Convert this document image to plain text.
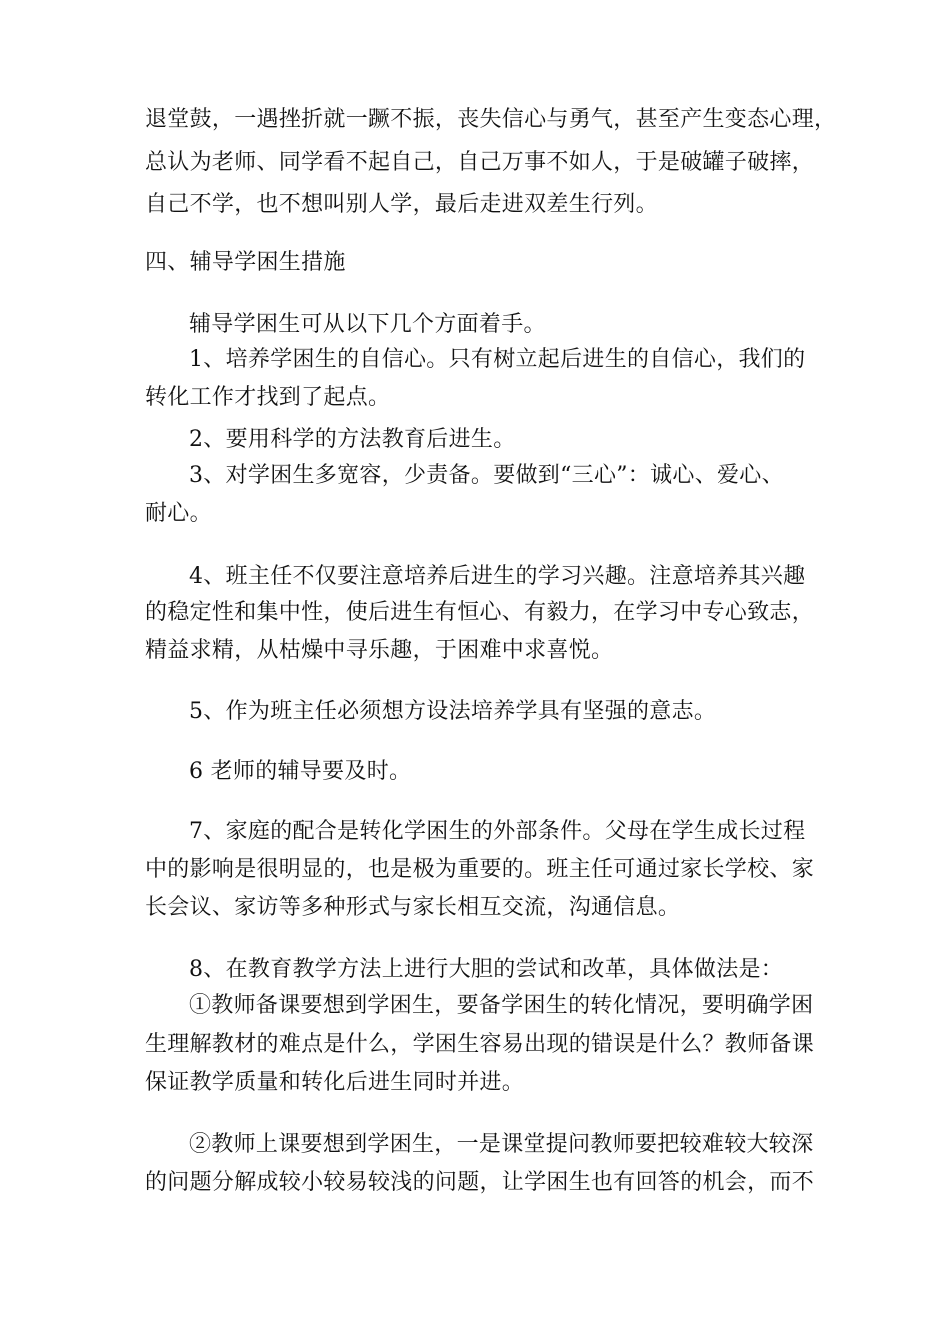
退堂鼓，一遇挫折就一蹶不振，丧失信心与勇气，甚至产生变态心理，
总认为老师、同学看不起自己，自己万事不如人，于是破罐子破摔，
自己不学，也不想叫别人学，最后走进双差生行列。
四、辅导学困生措施
辅导学困生可从以下几个方面着手。
1、培养学困生的自信心。只有树立起后进生的自信心，我们的
转化工作才找到了起点。
2、要用科学的方法教育后进生。
3、对学困生多宽容，少责备。要做到“三心”：诚心、爱心、
耐心。
4、班主任不仅要注意培养后进生的学习兴趣。注意培养其兴趣
的稳定性和集中性，使后进生有恒心、有毅力，在学习中专心致志，
精益求精，从枯燥中寻乐趣，于困难中求喜悦。
5、作为班主任必须想方设法培养学具有坚强的意志。
6 老师的辅导要及时。
7、家庭的配合是转化学困生的外部条件。父母在学生成长过程
中的影响是很明显的，也是极为重要的。班主任可通过家长学校、家
长会议、家访等多种形式与家长相互交流，沟通信息。
8、在教育教学方法上进行大胆的尝试和改革，具体做法是：
①教师备课要想到学困生，要备学困生的转化情况，要明确学困
生理解教材的难点是什么，学困生容易出现的错误是什么？教师备课
保证教学质量和转化后进生同时并进。
②教师上课要想到学困生，一是课堂提问教师要把较难较大较深
的问题分解成较小较易较浅的问题，让学困生也有回答的机会，而不
